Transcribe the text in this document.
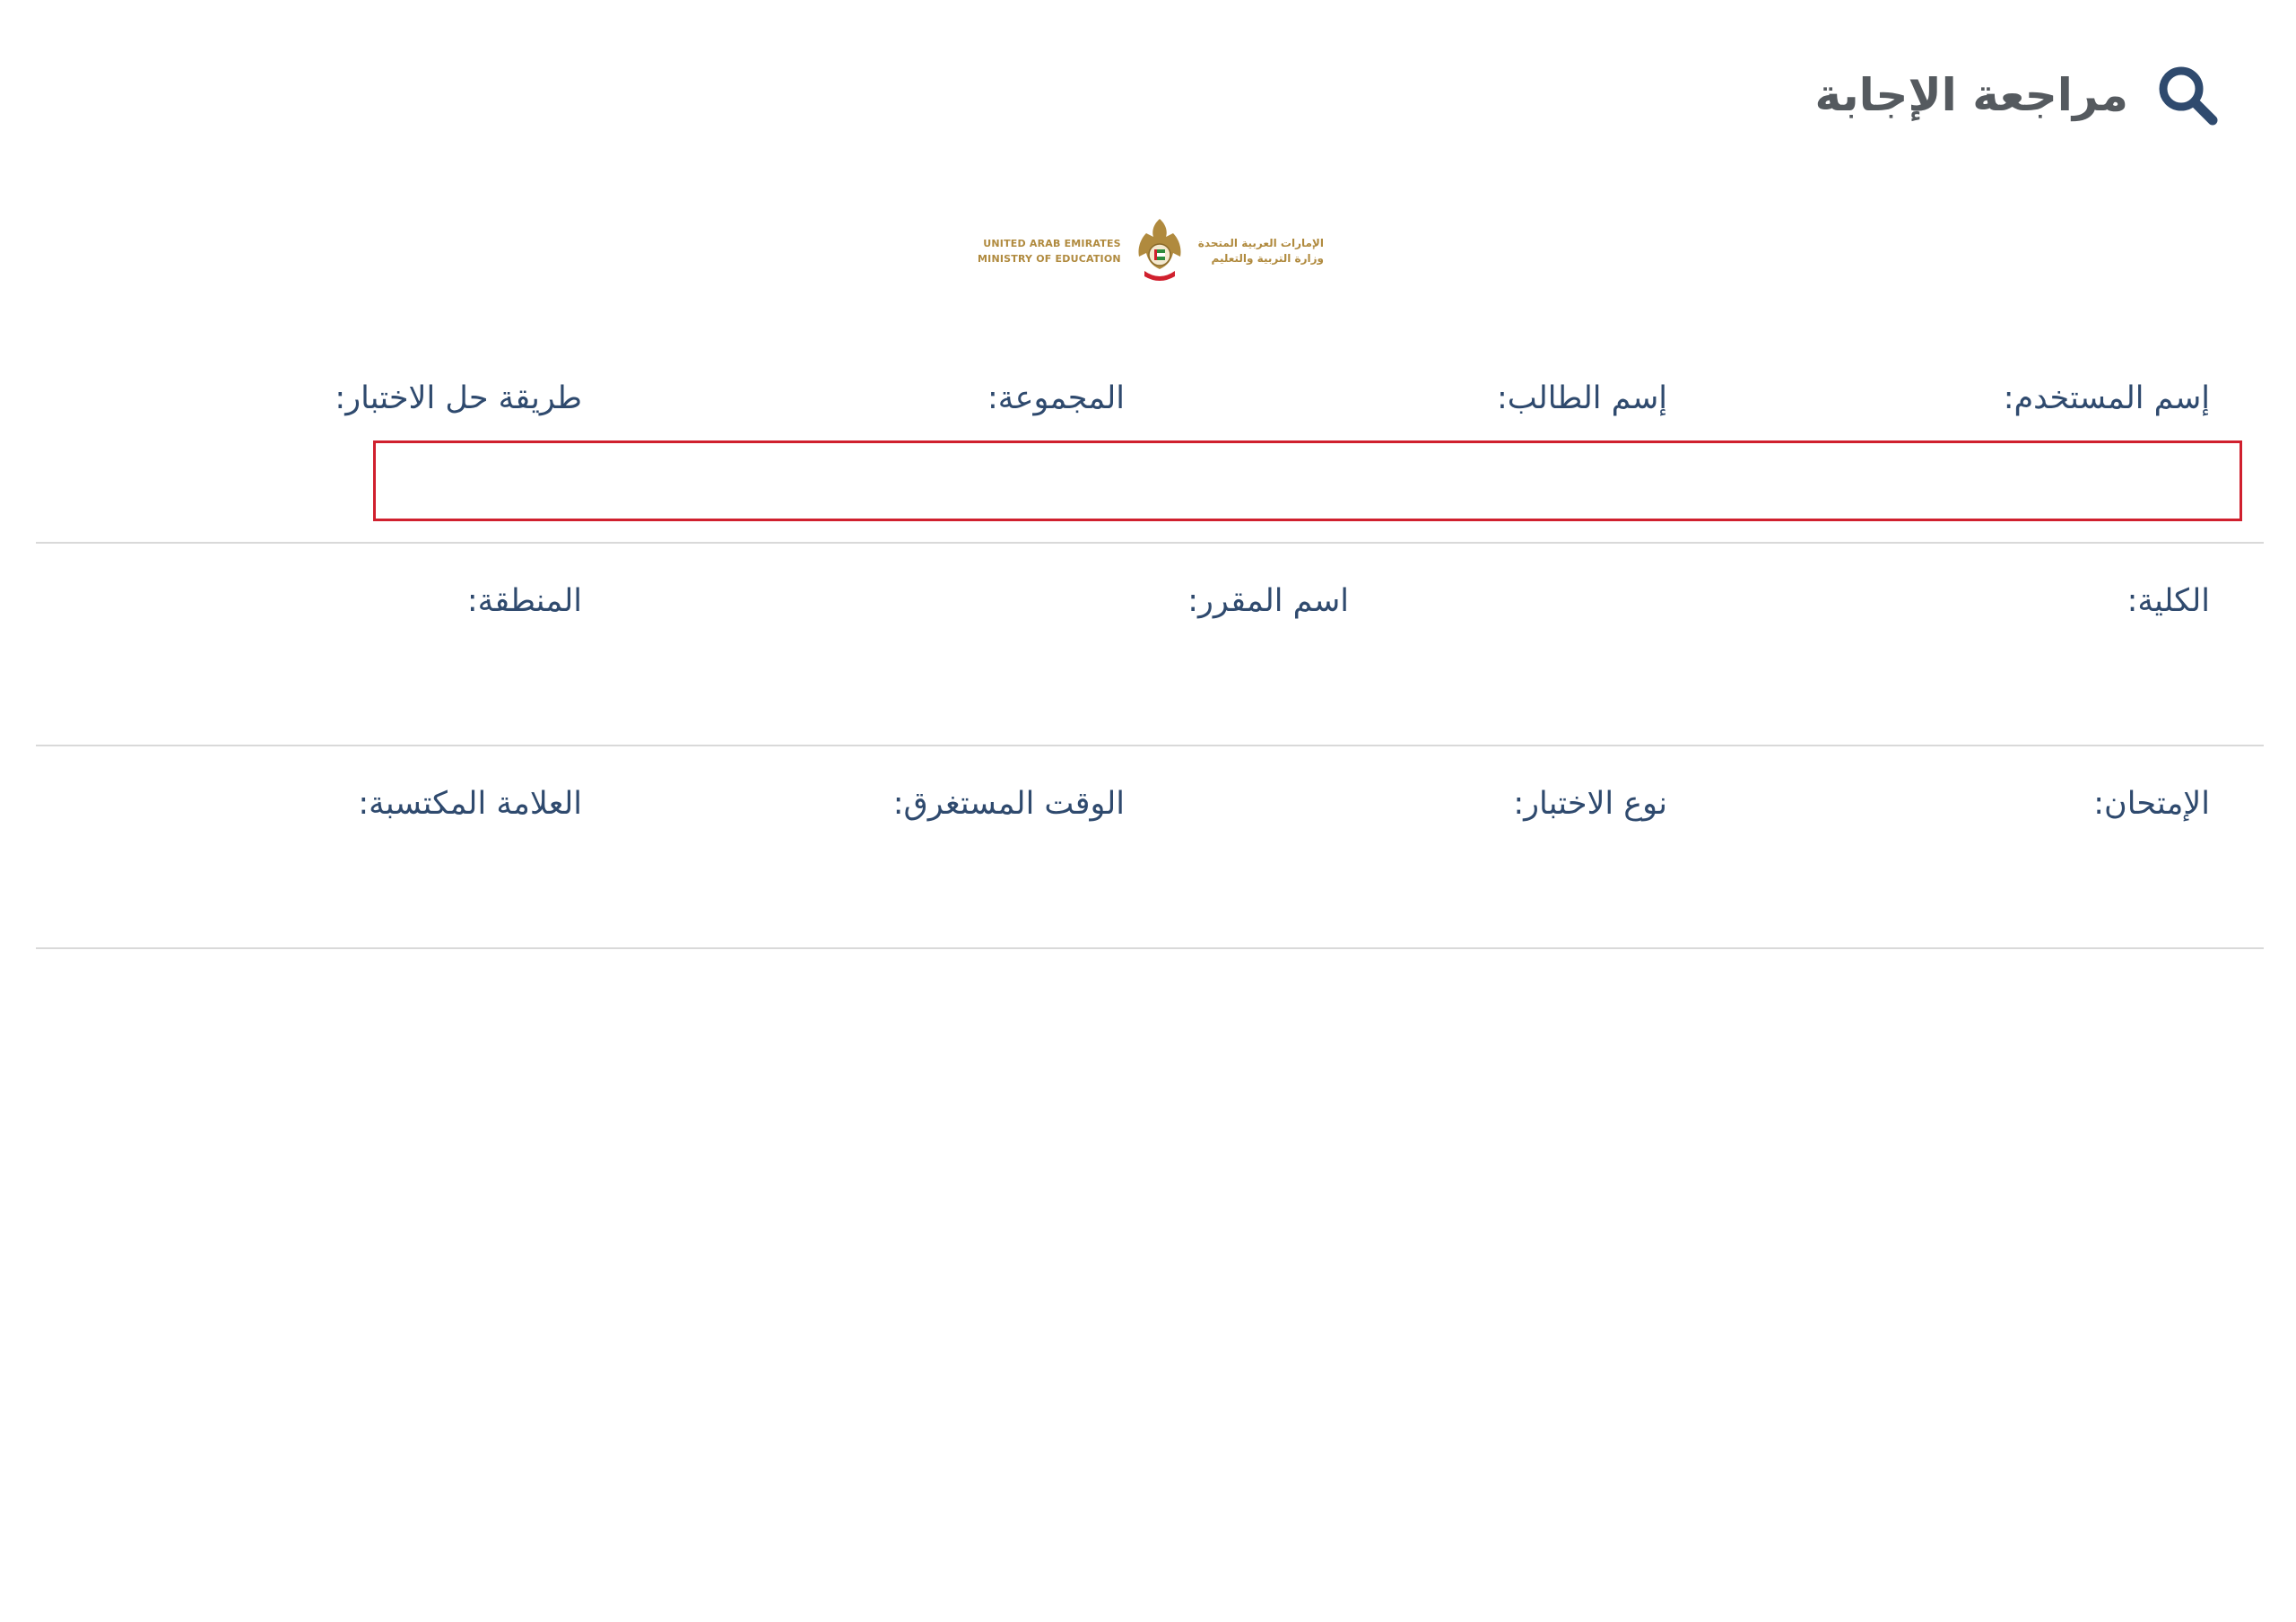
مراجعة الإجابة
UNITED ARAB EMIRATES
MINISTRY OF EDUCATION
الإمارات العربية المتحدة
وزارة التربية والتعليم
إسم المستخدم:
إسم الطالب:
المجموعة:
طريقة حل الاختبار:
الكلية:
اسم المقرر:
المنطقة:
الإمتحان:
نوع الاختبار:
الوقت المستغرق:
العلامة المكتسبة:
